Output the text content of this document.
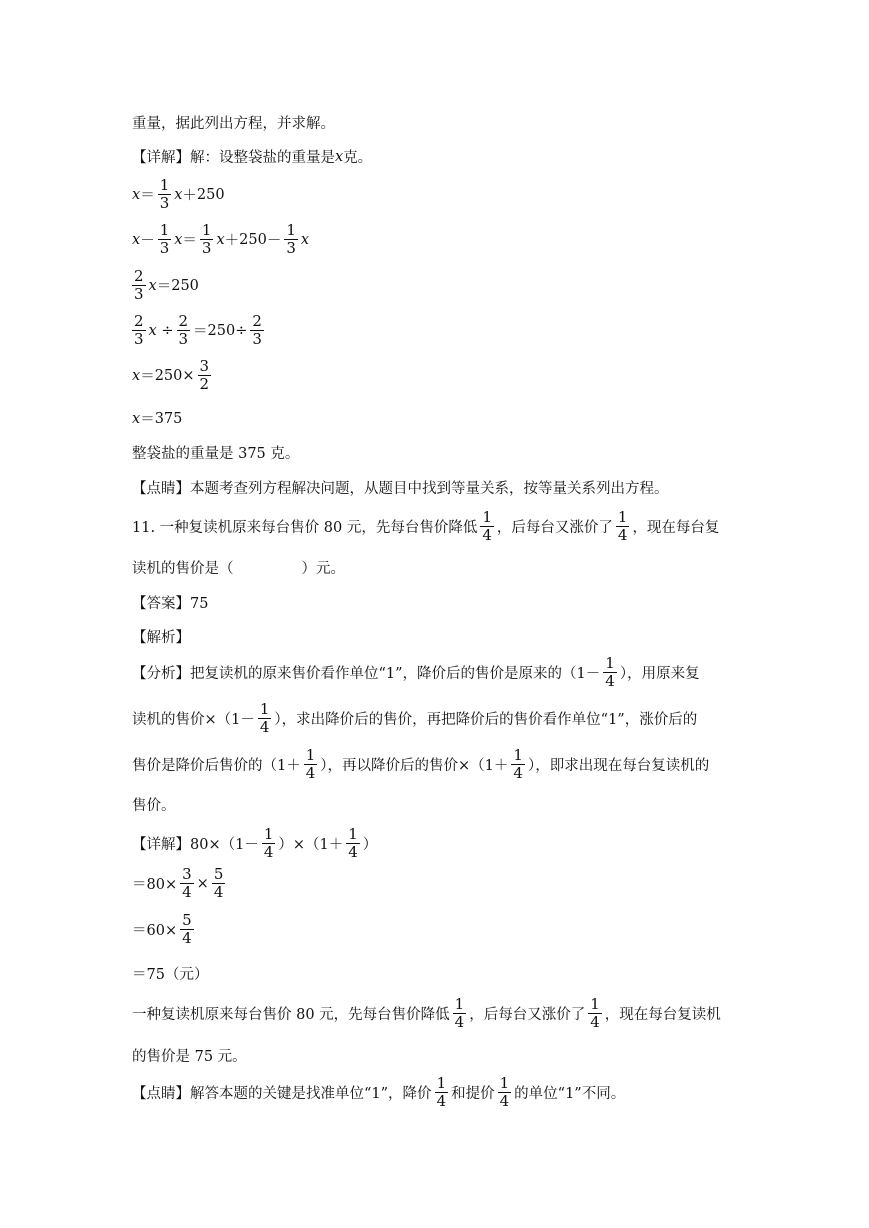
重量，据此列出方程，并求解。
【详解】解：设整袋盐的重量是 x 克。
$x = \frac{1}{3}$ x ＋ 250
$x - \frac{1}{3}$ $x = \frac{1}{3}$ $x + 250 - \frac{1}{3}$ x
$\frac{2}{3}$ x ＝ 250
$\frac{2}{3}$ x
÷ $\frac{2}{3} = 250 \div \frac{2}{3}$
$x = 250 \times \frac{3}{2}$
x ＝ 375
整袋盐的重量是 375 克。
【点睛】本题考查列方程解决问题，从题目中找到等量关系，按等量关系列出方程。
11. 一种复读机原来每台售价 80 元，先每台售价降低 $\frac{1}{4}$ ，后每台又涨价了 $\frac{1}{4}$ ，现在每台复
读机的售价是（	）元。
【答案】75
【解析】
【分析】把复读机的原来售价看作单位“1”，降价后的售价是原来的（$1- \frac{1}{4}$ ），用原来复
读机的售价$\times(1- \frac{1}{4}$ ），求出降价后的售价，再把降价后的售价看作单位“1”，涨价后的
售价是降价后售价的（$1+ \frac{1}{4}$ ），再以降价后的售价$\times(1+ \frac{1}{4}$ ），即求出现在每台复读机的
售价。
【详解】$80\times(1- \frac{1}{4} )\times(1+ \frac{1}{4}$ ）
$=80\times \frac{3}{4} \times \frac{5}{4}$
$=60\times \frac{5}{4}$
＝75（元）
一种复读机原来每台售价 80 元，先每台售价降低 $\frac{1}{4}$ ，后每台又涨价了 $\frac{1}{4}$ ，现在每台复读机
的售价是 75 元。
【点睛】解答本题的关键是找准单位“1”，降价 $\frac{1}{4}$ 和提价 $\frac{1}{4}$ 的单位“1”不同。
